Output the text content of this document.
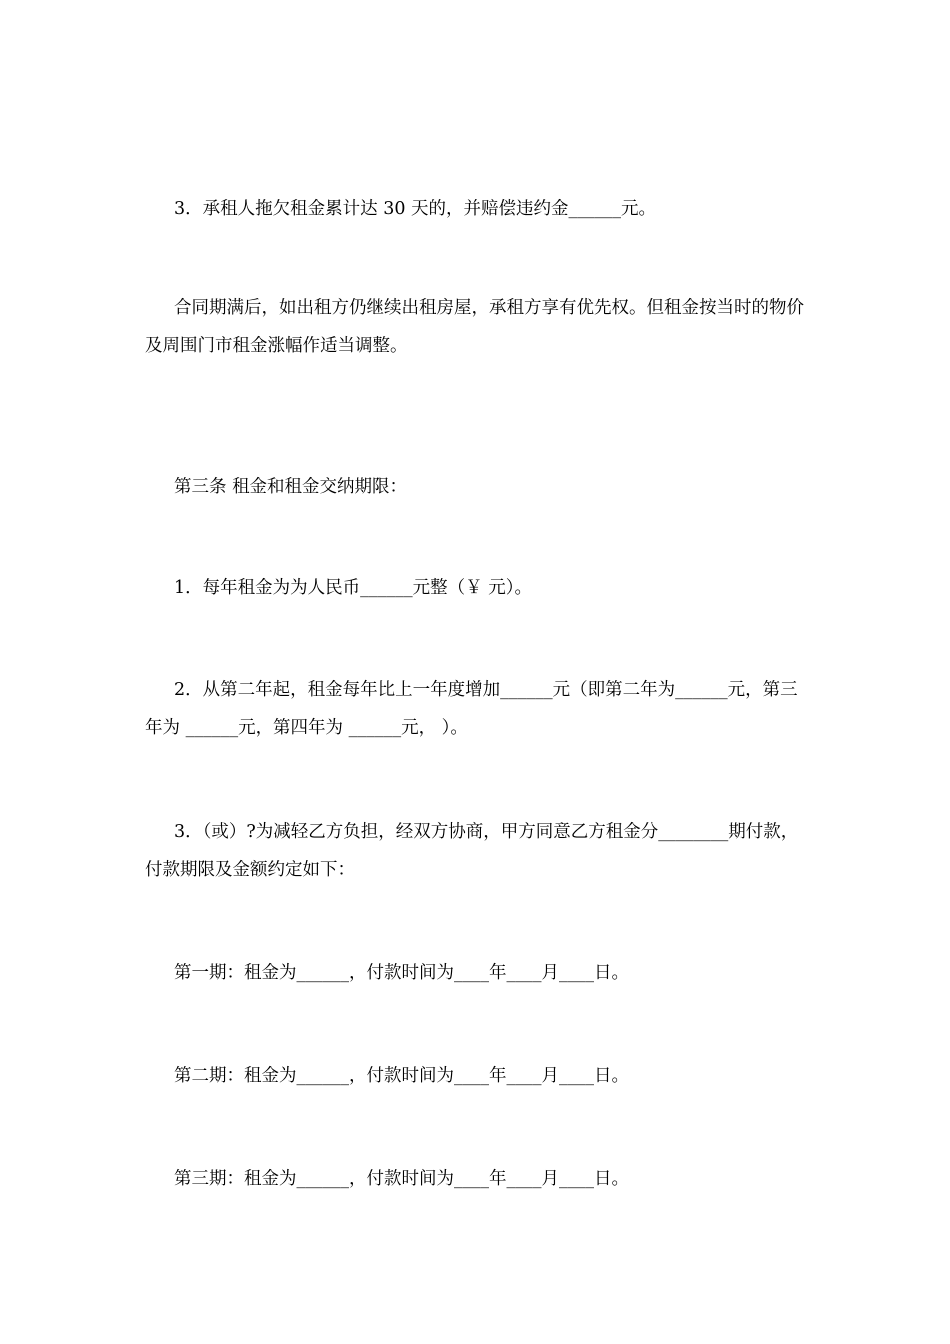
3．承租人拖欠租金累计达 30 天的，并赔偿违约金______元。

合同期满后，如出租方仍继续出租房屋，承租方享有优先权。但租金按当时的物价及周围门市租金涨幅作适当调整。

第三条 租金和租金交纳期限：

1．每年租金为为人民币______元整（￥ 元）。

2．从第二年起，租金每年比上一年度增加______元（即第二年为______元，第三年为 ______元，第四年为 ______元， ）。

3．（或）?为减轻乙方负担，经双方协商，甲方同意乙方租金分________期付款，付款期限及金额约定如下：

第一期：租金为______，付款时间为____年____月____日。

第二期：租金为______，付款时间为____年____月____日。

第三期：租金为______，付款时间为____年____月____日。
